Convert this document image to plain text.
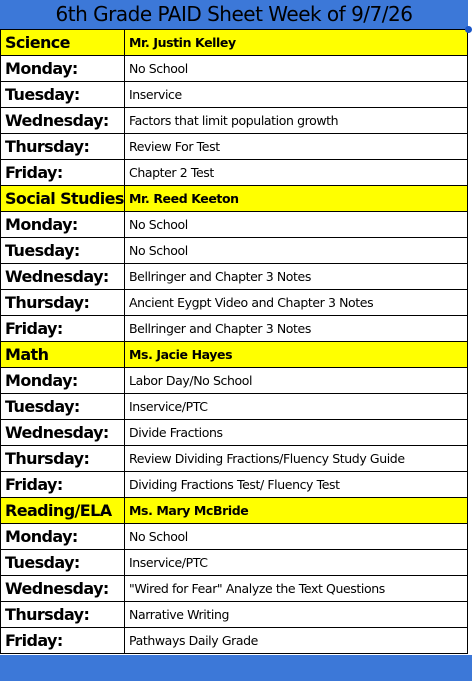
6th Grade PAID Sheet Week of 9/7/26
Science	Mr. Justin Kelley
Monday:	No School
Tuesday:	Inservice
Wednesday:	Factors that limit population growth
Thursday:	Review For Test
Friday:	Chapter 2 Test
Social Studies	Mr. Reed Keeton
Monday:	No School
Tuesday:	No School
Wednesday:	Bellringer and Chapter 3 Notes
Thursday:	Ancient Eygpt Video and Chapter 3 Notes
Friday:	Bellringer and Chapter 3 Notes
Math	Ms. Jacie Hayes
Monday:	Labor Day/No School
Tuesday:	Inservice/PTC
Wednesday:	Divide Fractions
Thursday:	Review Dividing Fractions/Fluency Study Guide
Friday:	Dividing Fractions Test/ Fluency Test
Reading/ELA	Ms. Mary McBride
Monday:	No School
Tuesday:	Inservice/PTC
Wednesday:	"Wired for Fear" Analyze the Text Questions
Thursday:	Narrative Writing
Friday:	Pathways Daily Grade
